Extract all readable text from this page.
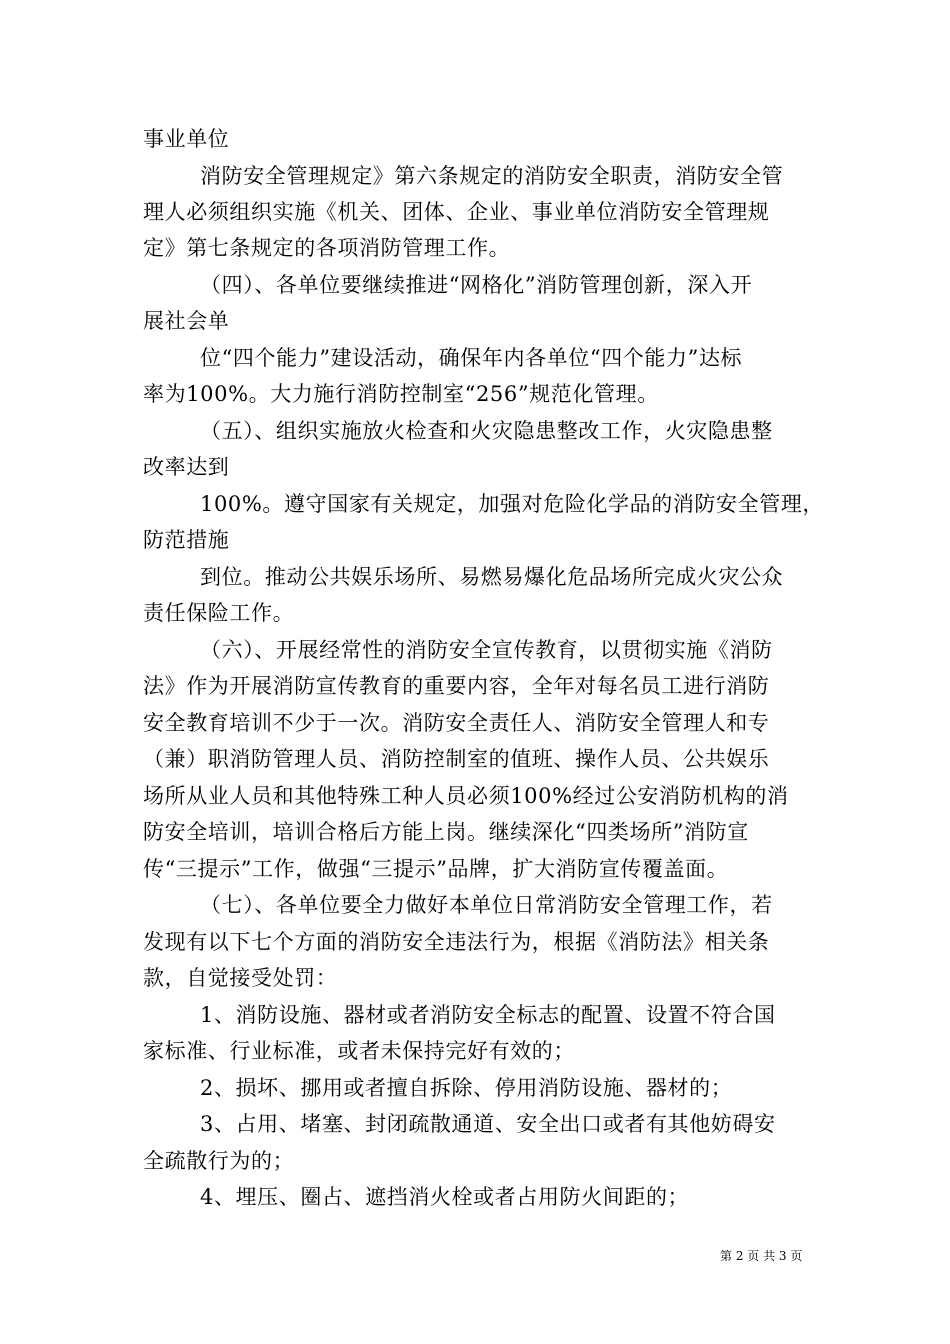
事业单位
消防安全管理规定》第六条规定的消防安全职责，消防安全管
理人必须组织实施《机关、团体、企业、事业单位消防安全管理规
定》第七条规定的各项消防管理工作。
（四）、各单位要继续推进“网格化”消防管理创新，深入开
展社会单
位“四个能力”建设活动，确保年内各单位“四个能力”达标
率为100%。大力施行消防控制室“256”规范化管理。
（五）、组织实施放火检查和火灾隐患整改工作，火灾隐患整
改率达到
100%。遵守国家有关规定，加强对危险化学品的消防安全管理，
防范措施
到位。推动公共娱乐场所、易燃易爆化危品场所完成火灾公众
责任保险工作。
（六）、开展经常性的消防安全宣传教育，以贯彻实施《消防
法》作为开展消防宣传教育的重要内容，全年对每名员工进行消防
安全教育培训不少于一次。消防安全责任人、消防安全管理人和专
（兼）职消防管理人员、消防控制室的值班、操作人员、公共娱乐
场所从业人员和其他特殊工种人员必须100%经过公安消防机构的消
防安全培训，培训合格后方能上岗。继续深化“四类场所”消防宣
传“三提示”工作，做强“三提示”品牌，扩大消防宣传覆盖面。
（七）、各单位要全力做好本单位日常消防安全管理工作，若
发现有以下七个方面的消防安全违法行为，根据《消防法》相关条
款，自觉接受处罚：
1、消防设施、器材或者消防安全标志的配置、设置不符合国
家标准、行业标准，或者未保持完好有效的；
2、损坏、挪用或者擅自拆除、停用消防设施、器材的；
3、占用、堵塞、封闭疏散通道、安全出口或者有其他妨碍安
全疏散行为的；
4、埋压、圈占、遮挡消火栓或者占用防火间距的；
第 2 页 共 3 页
